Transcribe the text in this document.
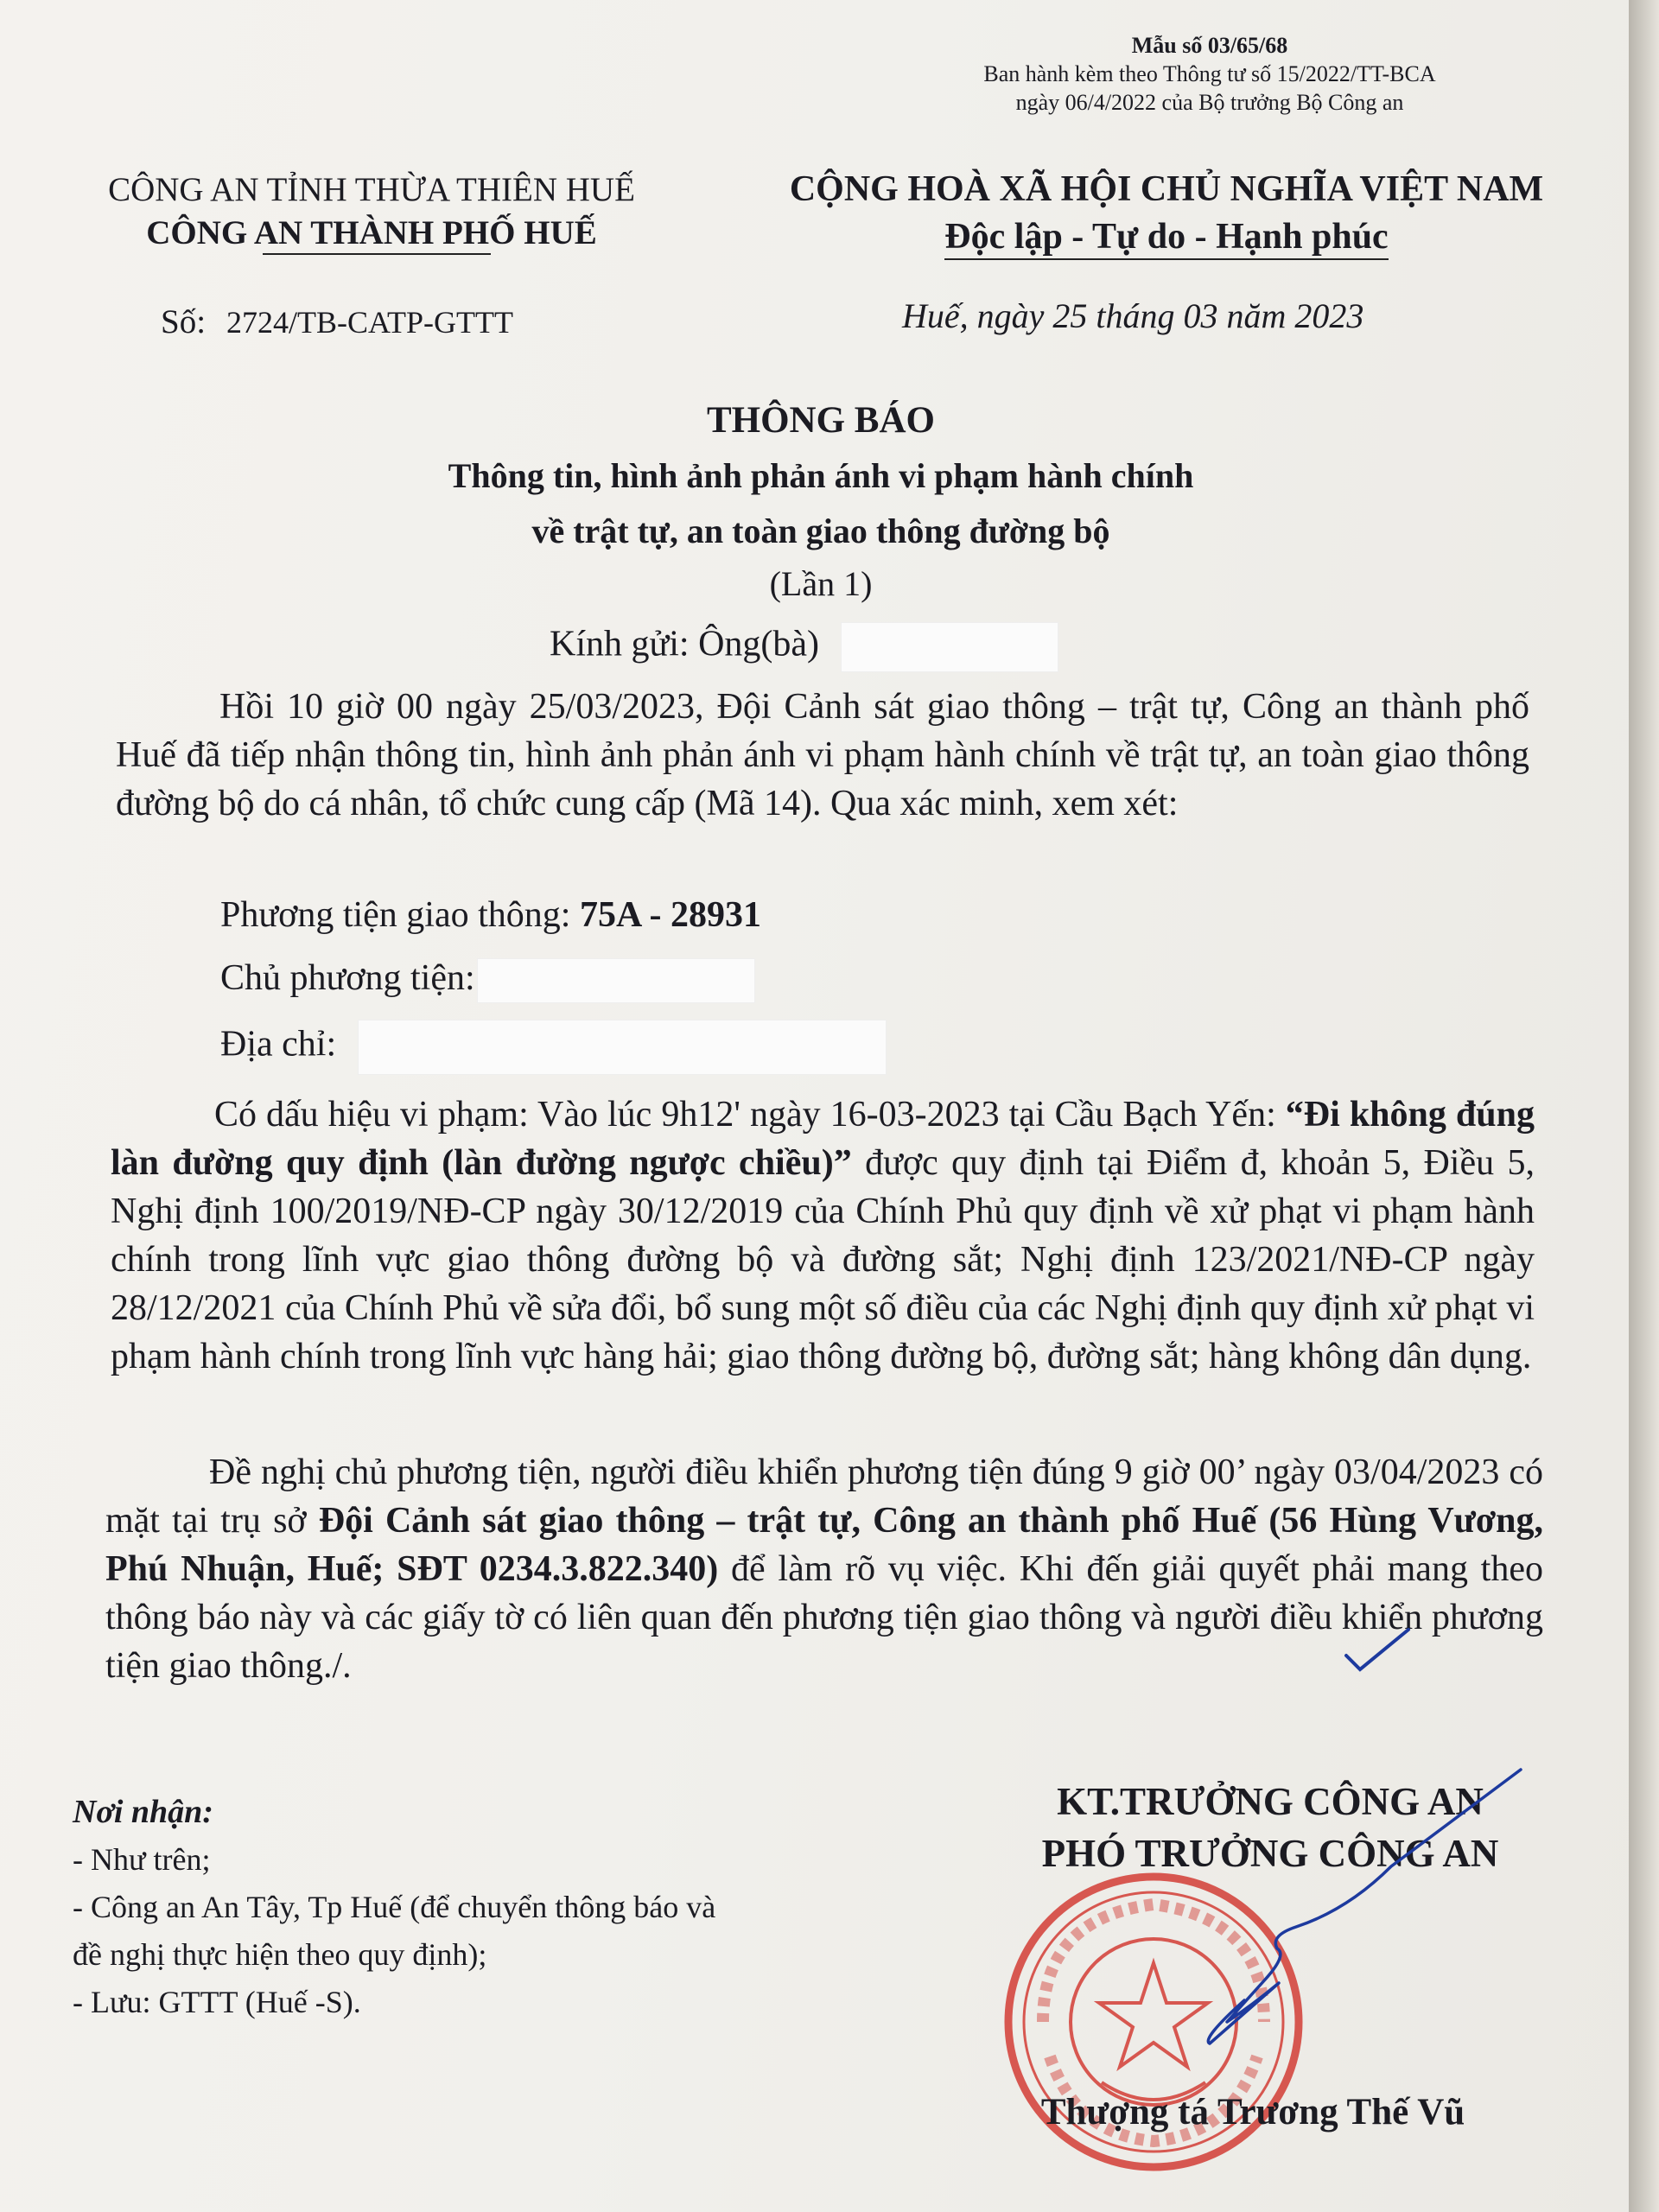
Mẫu số 03/65/68
Ban hành kèm theo Thông tư số 15/2022/TT-BCA
ngày 06/4/2022 của Bộ trưởng Bộ Công an
CÔNG AN TỈNH THỪA THIÊN HUẾ
CÔNG AN THÀNH PHỐ HUẾ
CỘNG HOÀ XÃ HỘI CHỦ NGHĨA VIỆT NAM
Độc lập - Tự do - Hạnh phúc
Số: 2724/TB-CATP-GTTT	Huế, ngày 25 tháng 03 năm 2023
THÔNG BÁO
Thông tin, hình ảnh phản ánh vi phạm hành chính
về trật tự, an toàn giao thông đường bộ
(Lần 1)
Kính gửi: Ông(bà)
Hồi 10 giờ 00 ngày 25/03/2023, Đội Cảnh sát giao thông – trật tự, Công an thành phố Huế đã tiếp nhận thông tin, hình ảnh phản ánh vi phạm hành chính về trật tự, an toàn giao thông đường bộ do cá nhân, tổ chức cung cấp (Mã 14). Qua xác minh, xem xét:
Phương tiện giao thông: 75A - 28931
Chủ phương tiện:
Địa chỉ:
Có dấu hiệu vi phạm: Vào lúc 9h12' ngày 16-03-2023 tại Cầu Bạch Yến: “Đi không đúng làn đường quy định (làn đường ngược chiều)” được quy định tại Điểm đ, khoản 5, Điều 5, Nghị định 100/2019/NĐ-CP ngày 30/12/2019 của Chính Phủ quy định về xử phạt vi phạm hành chính trong lĩnh vực giao thông đường bộ và đường sắt; Nghị định 123/2021/NĐ-CP ngày 28/12/2021 của Chính Phủ về sửa đổi, bổ sung một số điều của các Nghị định quy định xử phạt vi phạm hành chính trong lĩnh vực hàng hải; giao thông đường bộ, đường sắt; hàng không dân dụng.
Đề nghị chủ phương tiện, người điều khiển phương tiện đúng 9 giờ 00’ ngày 03/04/2023 có mặt tại trụ sở Đội Cảnh sát giao thông – trật tự, Công an thành phố Huế (56 Hùng Vương, Phú Nhuận, Huế; SĐT 0234.3.822.340) để làm rõ vụ việc. Khi đến giải quyết phải mang theo thông báo này và các giấy tờ có liên quan đến phương tiện giao thông và người điều khiển phương tiện giao thông./.
Nơi nhận:
- Như trên;
- Công an An Tây, Tp Huế (để chuyển thông báo và
đề nghị thực hiện theo quy định);
- Lưu: GTTT (Huế -S).
KT.TRƯỞNG CÔNG AN
PHÓ TRƯỞNG CÔNG AN
Thượng tá Trương Thế Vũ
